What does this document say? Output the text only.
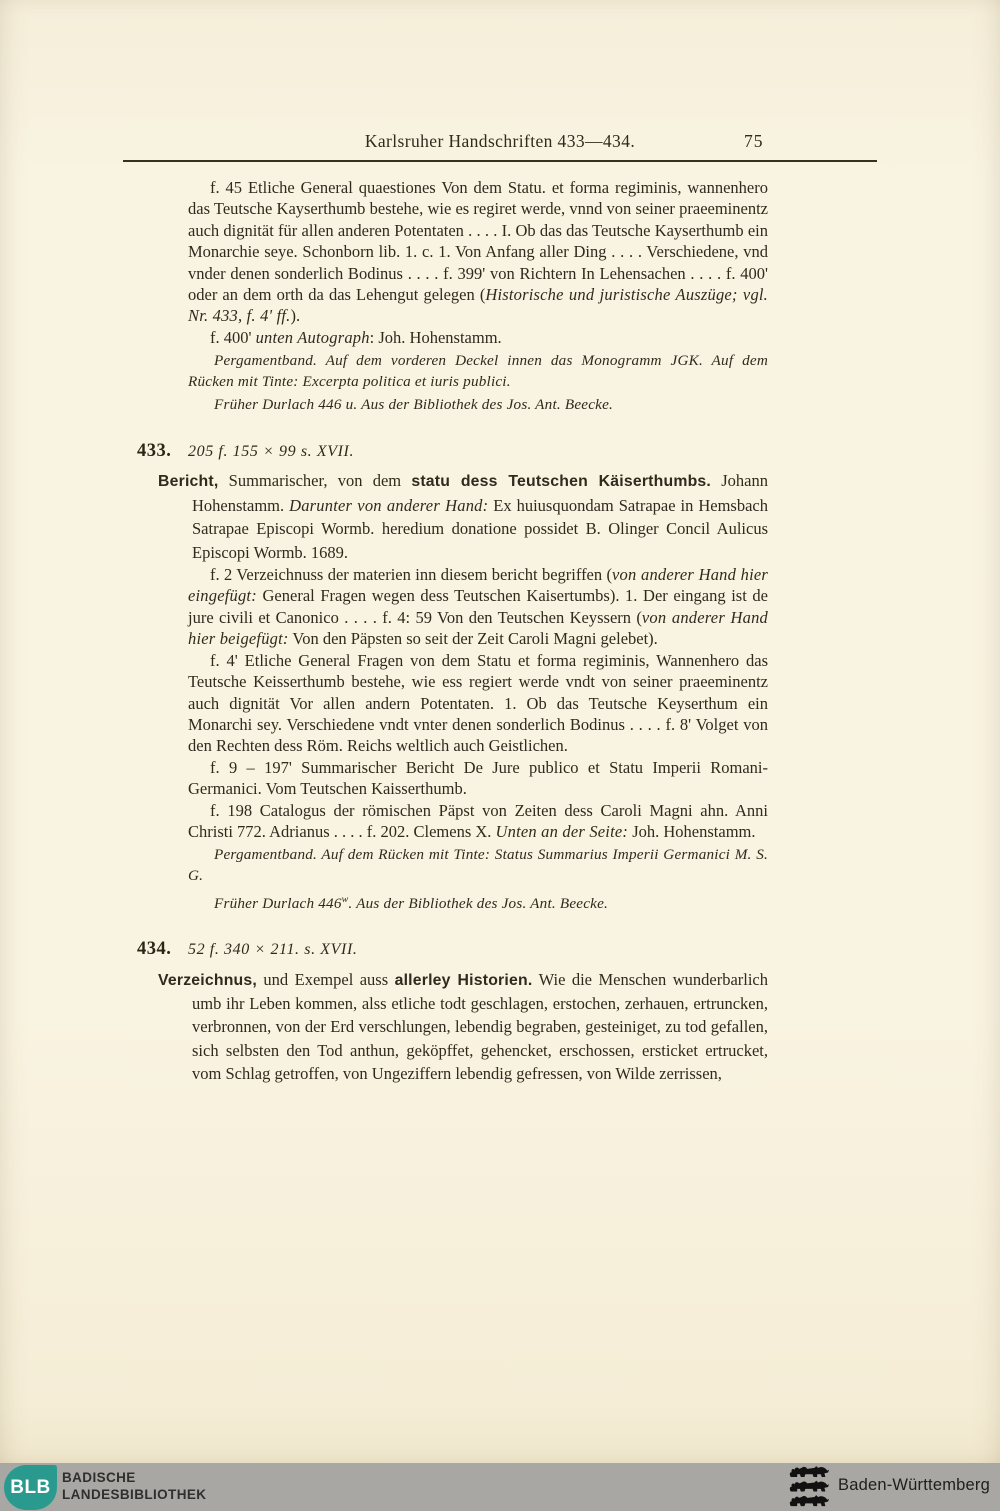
Karlsruher Handschriften 433—434.	75

f. 45 Etliche General quaestiones Von dem Statu. et forma regiminis, wannenhero das Teutsche Kayserthumb bestehe, wie es regiret werde, vnnd von seiner praeeminentz auch dignität für allen anderen Potentaten . . . . I. Ob das das Teutsche Kayserthumb ein Monarchie seye. Schonborn lib. 1. c. 1. Von Anfang aller Ding . . . . Verschiedene, vnd vnder denen sonderlich Bodinus . . . . f. 399' von Richtern In Lehensachen . . . . f. 400' oder an dem orth da das Lehengut gelegen (Historische und juristische Auszüge; vgl. Nr. 433, f. 4' ff.).

f. 400' unten Autograph: Joh. Hohenstamm.

Pergamentband. Auf dem vorderen Deckel innen das Monogramm JGK. Auf dem Rücken mit Tinte: Excerpta politica et iuris publici.

Früher Durlach 446 u. Aus der Bibliothek des Jos. Ant. Beecke.

433. 205 f. 155 × 99 s. XVII.

Bericht, Summarischer, von dem statu dess Teutschen Käiserthumbs. Johann Hohenstamm. Darunter von anderer Hand: Ex huiusquondam Satrapae in Hemsbach Satrapae Episcopi Wormb. heredium donatione possidet B. Olinger Concil Aulicus Episcopi Wormb. 1689.

f. 2 Verzeichnuss der materien inn diesem bericht begriffen (von anderer Hand hier eingefügt: General Fragen wegen dess Teutschen Kaisertumbs). 1. Der eingang ist de jure civili et Canonico . . . . f. 4: 59 Von den Teutschen Keyssern (von anderer Hand hier beigefügt: Von den Päpsten so seit der Zeit Caroli Magni gelebet).

f. 4' Etliche General Fragen von dem Statu et forma regiminis, Wannenhero das Teutsche Keisserthumb bestehe, wie ess regiert werde vndt von seiner praeeminentz auch dignität Vor allen andern Potentaten. 1. Ob das Teutsche Keyserthum ein Monarchi sey. Verschiedene vndt vnter denen sonderlich Bodinus . . . . f. 8' Volget von den Rechten dess Röm. Reichs weltlich auch Geistlichen.

f. 9 – 197' Summarischer Bericht De Jure publico et Statu Imperii Romani-Germanici. Vom Teutschen Kaisserthumb.

f. 198 Catalogus der römischen Päpst von Zeiten dess Caroli Magni ahn. Anni Christi 772. Adrianus . . . . f. 202. Clemens X. Unten an der Seite: Joh. Hohenstamm.

Pergamentband. Auf dem Rücken mit Tinte: Status Summarius Imperii Germanici M. S. G.

Früher Durlach 446$^w$. Aus der Bibliothek des Jos. Ant. Beecke.

434. 52 f. 340 × 211. s. XVII.

Verzeichnus, und Exempel auss allerley Historien. Wie die Menschen wunderbarlich umb ihr Leben kommen, alss etliche todt geschlagen, erstochen, zerhauen, ertruncken, verbronnen, von der Erd verschlungen, lebendig begraben, gesteiniget, zu tod gefallen, sich selbsten den Tod anthun, geköpffet, gehencket, erschossen, ersticket ertrucket, vom Schlag getroffen, von Ungeziffern lebendig gefressen, von Wilde zerrissen,

BLB BADISCHE
LANDESBIBLIOTHEK	Baden-Württemberg
